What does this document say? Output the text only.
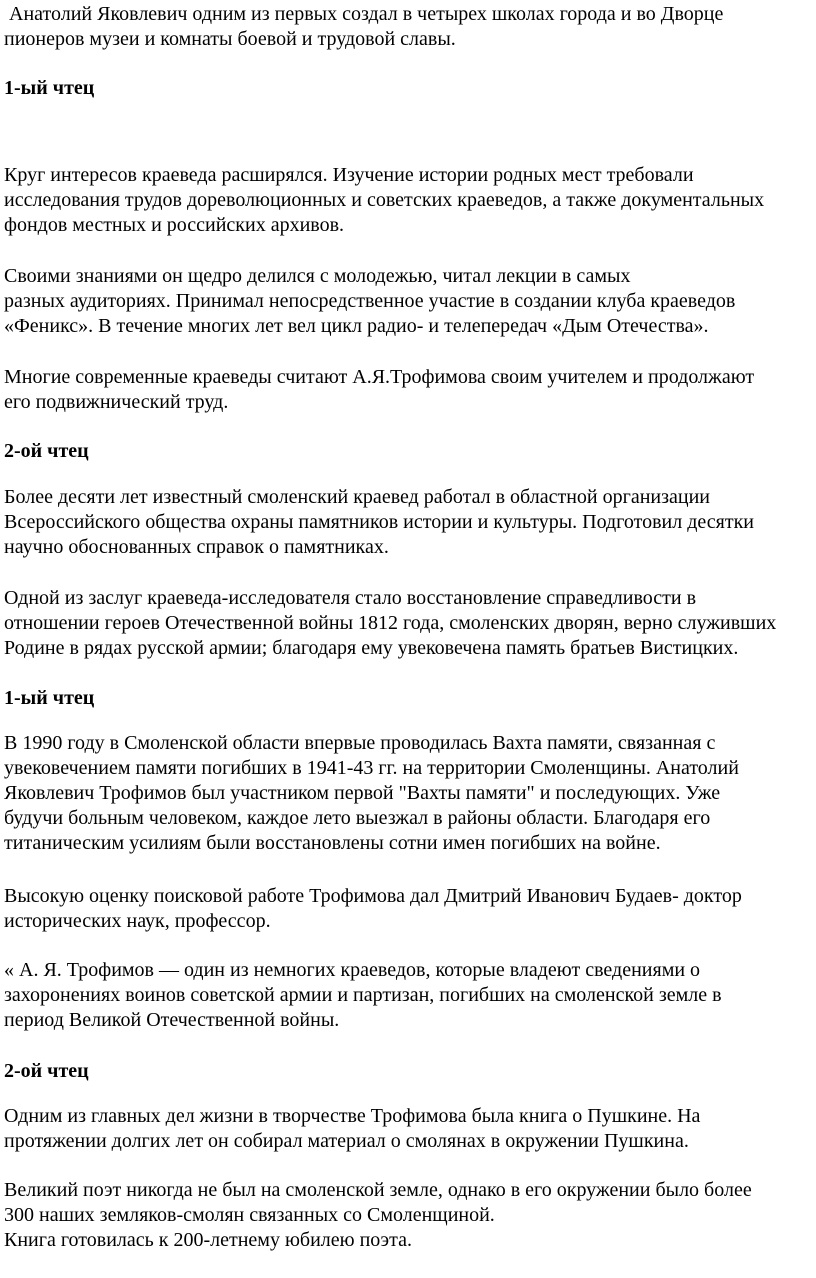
Анатолий Яковлевич одним из первых создал в четырех школах города и во Дворце
пионеров музеи и комнаты боевой и трудовой славы.
1-ый чтец
Круг интересов краеведа расширялся. Изучение истории родных мест требовали
исследования трудов дореволюционных и советских краеведов, а также документальных
фондов местных и российских архивов.
Своими знаниями он щедро делился с молодежью, читал лекции в самых
разных аудиториях. Принимал непосредственное участие в создании клуба краеведов
«Феникс». В течение многих лет вел цикл радио- и телепередач «Дым Отечества».
Многие современные краеведы считают А.Я.Трофимова своим учителем и продолжают
его подвижнический труд.
2-ой чтец
Более десяти лет известный смоленский краевед работал в областной организации
Всероссийского общества охраны памятников истории и культуры. Подготовил десятки
научно обоснованных справок о памятниках.
Одной из заслуг краеведа-исследователя стало восстановление справедливости в
отношении героев Отечественной войны 1812 года, смоленских дворян, верно служивших
Родине в рядах русской армии; благодаря ему увековечена память братьев Вистицких.
1-ый чтец
В 1990 году в Смоленской области впервые проводилась Вахта памяти, связанная с
увековечением памяти погибших в 1941-43 гг. на территории Смоленщины. Анатолий
Яковлевич Трофимов был участником первой "Вахты памяти" и последующих. Уже
будучи больным человеком, каждое лето выезжал в районы области. Благодаря его
титаническим усилиям были восстановлены сотни имен погибших на войне.
Высокую оценку поисковой работе Трофимова дал Дмитрий Иванович Будаев- доктор
исторических наук, профессор.
« А. Я. Трофимов — один из немногих краеведов, которые владеют сведениями о
захоронениях воинов советской армии и партизан, погибших на смоленской земле в
период Великой Отечественной войны.
2-ой чтец
Одним из главных дел жизни в творчестве Трофимова была книга о Пушкине. На
протяжении долгих лет он собирал материал о смолянах в окружении Пушкина.
Великий поэт никогда не был на смоленской земле, однако в его окружении было более
300 наших земляков-смолян связанных со Смоленщиной.
Книга готовилась к 200-летнему юбилею поэта.
